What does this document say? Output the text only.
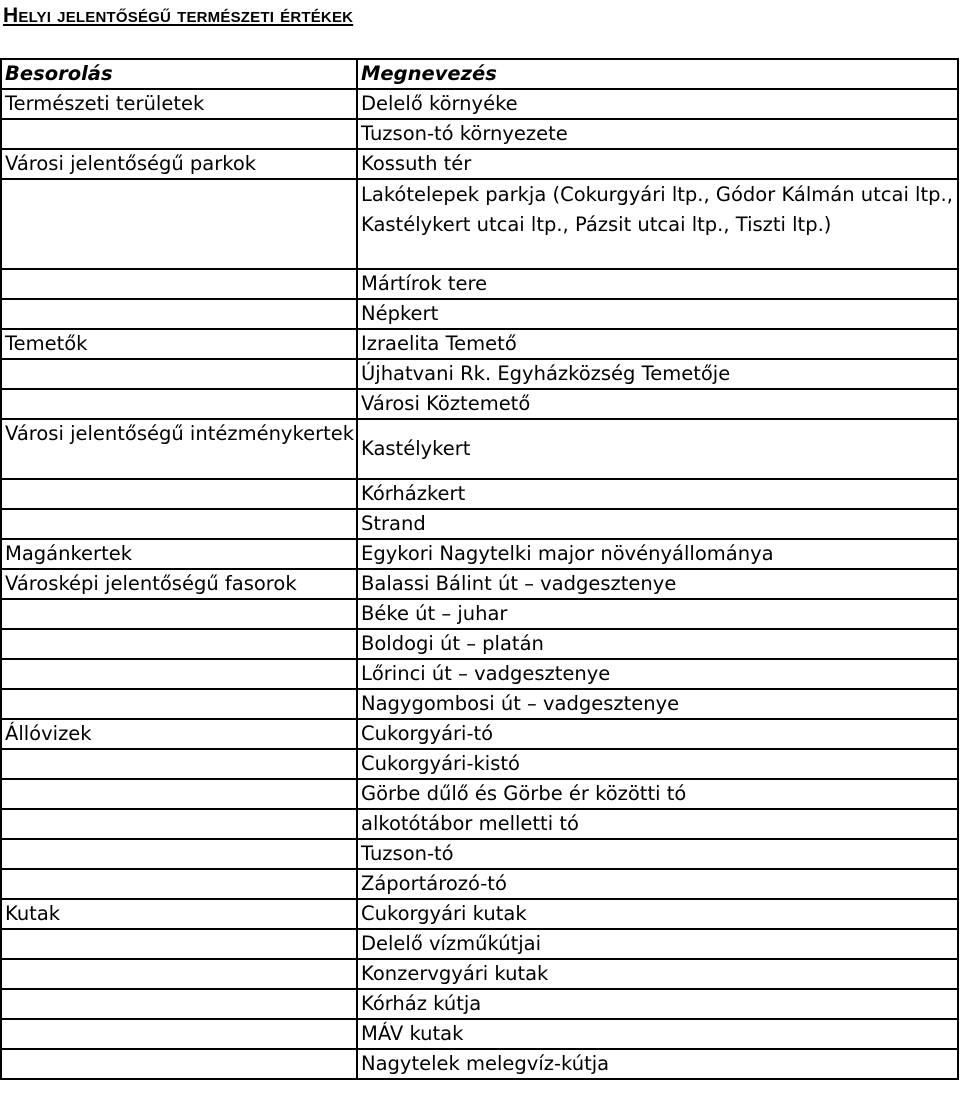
Helyi jelentőségű természeti értékek
Besorolás	Megnevezés
Természeti területek	Delelő környéke
	Tuzson-tó környezete
Városi jelentőségű parkok	Kossuth tér
	Lakótelepek parkja (Cokurgyári ltp., Gódor Kálmán utcai ltp., Kastélykert utcai ltp., Pázsit utcai ltp., Tiszti ltp.)
	Mártírok tere
	Népkert
Temetők	Izraelita Temető
	Újhatvani Rk. Egyházközség Temetője
	Városi Köztemető
Városi jelentőségű intézménykertek	Kastélykert
	Kórházkert
	Strand
Magánkertek	Egykori Nagytelki major növényállománya
Városképi jelentőségű fasorok	Balassi Bálint út – vadgesztenye
	Béke út – juhar
	Boldogi út – platán
	Lőrinci út – vadgesztenye
	Nagygombosi út – vadgesztenye
Állóvizek	Cukorgyári-tó
	Cukorgyári-kistó
	Görbe dűlő és Görbe ér közötti tó
	alkotótábor melletti tó
	Tuzson-tó
	Záportározó-tó
Kutak	Cukorgyári kutak
	Delelő vízműkútjai
	Konzervgyári kutak
	Kórház kútja
	MÁV kutak
	Nagytelek melegvíz-kútja
